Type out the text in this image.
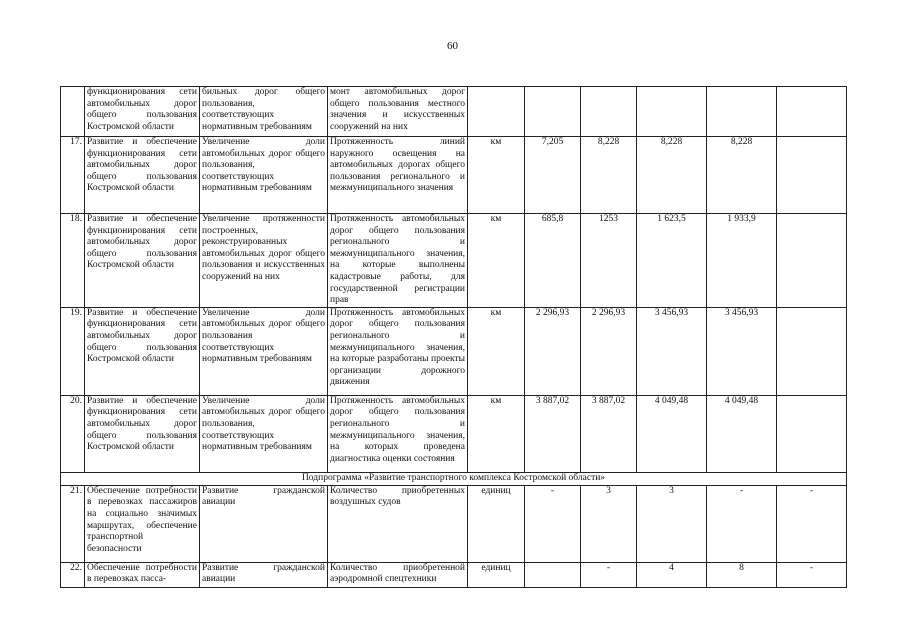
60
	функционирования сети автомобильных дорог общего пользования Костромской области	бильных дорог общего пользования, соответствующих нормативным требованиям	монт автомобильных дорог общего пользования местного значения и искусственных сооружений на них						
17.	Развитие и обеспечение функционирования сети автомобильных дорог общего пользования Костромской области	Увеличение доли автомобильных дорог общего пользования, соответствующих нормативным требованиям	Протяженность линий наружного освещения на автомобильных дорогах общего пользования регионального и межмуниципального значения	км	7,205	8,228	8,228	8,228	
18.	Развитие и обеспечение функционирования сети автомобильных дорог общего пользования Костромской области	Увеличение протяженности построенных, реконструированных автомобильных дорог общего пользования и искусственных сооружений на них	Протяженность автомобильных дорог общего пользования регионального и межмуниципального значения, на которые выполнены кадастровые работы, для государственной регистрации прав	км	685,8	1253	1 623,5	1 933,9	
19.	Развитие и обеспечение функционирования сети автомобильных дорог общего пользования Костромской области	Увеличение доли автомобильных дорог общего пользования соответствующих нормативным требованиям	Протяженность автомобильных дорог общего пользования регионального и межмуниципального значения, на которые разработаны проекты организации дорожного движения	км	2 296,93	2 296,93	3 456,93	3 456,93	
20.	Развитие и обеспечение функционирования сети автомобильных дорог общего пользования Костромской области	Увеличение доли автомобильных дорог общего пользования, соответствующих нормативным требованиям	Протяженность автомобильных дорог общего пользования регионального и межмуниципального значения, на которых проведена диагностика оценки состояния	км	3 887,02	3 887,02	4 049,48	4 049,48	
Подпрограмма «Развитие транспортного комплекса Костромской области»									
21.	Обеспечение потребности в перевозках пассажиров на социально значимых маршрутах, обеспечение транспортной безопасности	Развитие гражданской авиации	Количество приобретенных воздушных судов	единиц	-	3	3	-	-
22.	Обеспечение потребности в перевозках пасса-	Развитие гражданской авиации	Количество приобретенной аэродромной спецтехники	единиц		-	4	8	-
